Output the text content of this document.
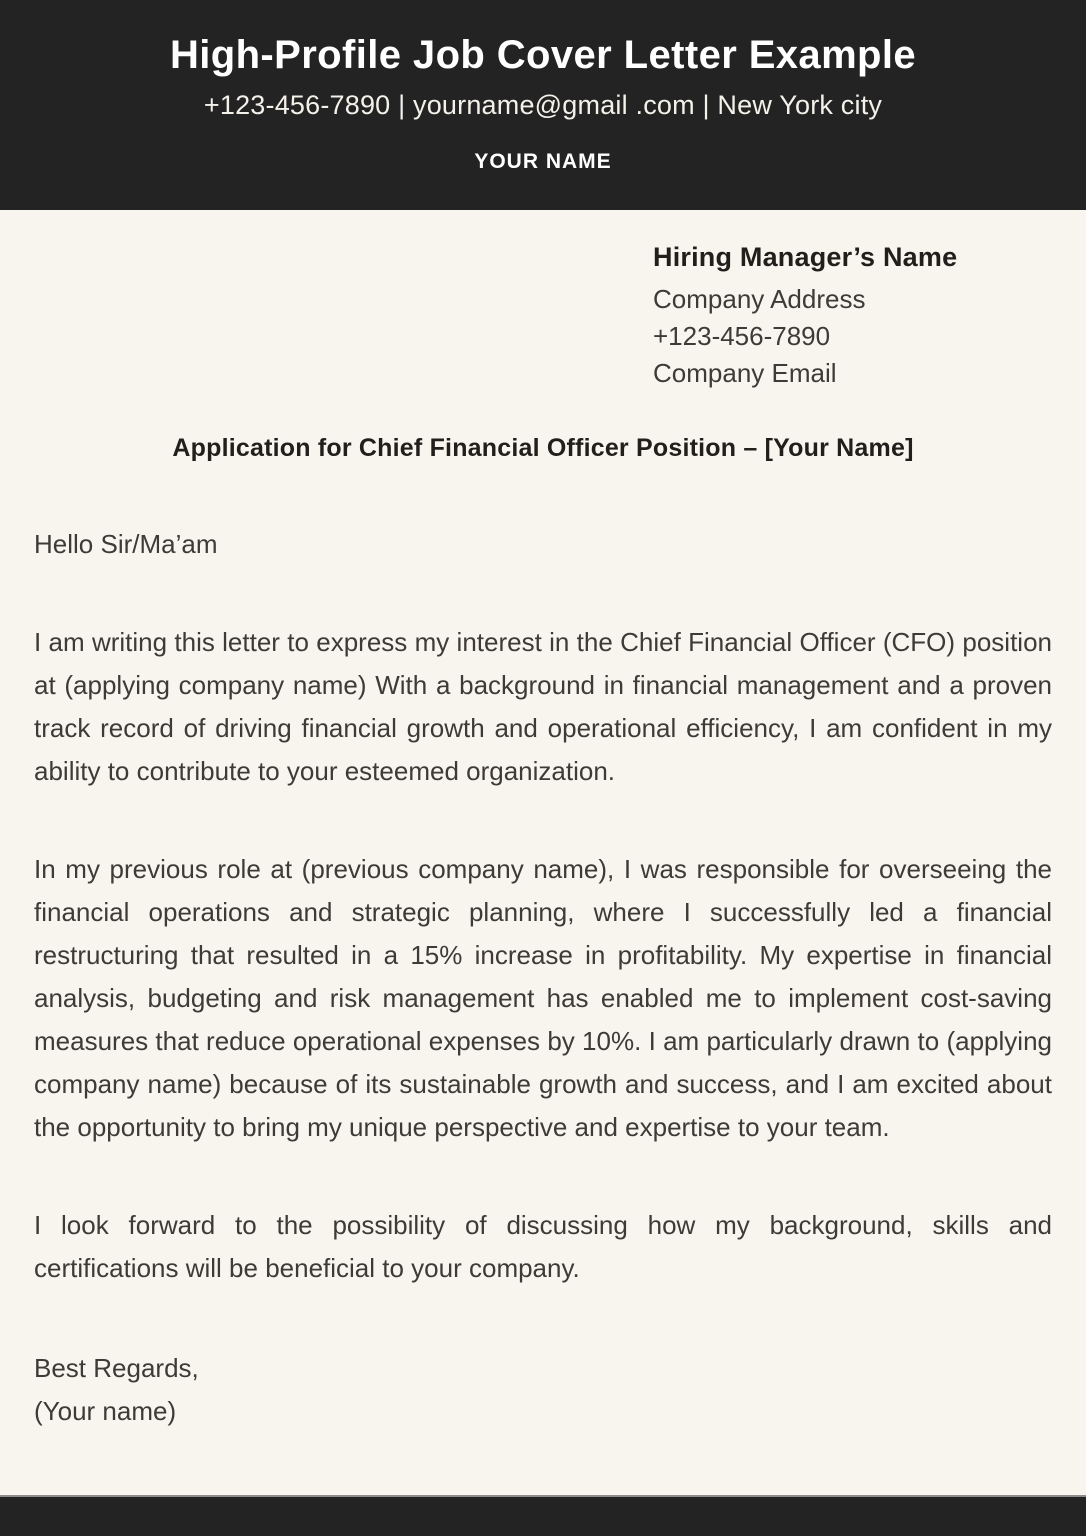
High-Profile Job Cover Letter Example
+123-456-7890 | yourname@gmail .com | New York city
YOUR NAME
Hiring Manager’s Name
Company Address
+123-456-7890
Company Email
Application for Chief Financial Officer Position – [Your Name]

Hello Sir/Ma’am

I am writing this letter to express my interest in the Chief Financial Officer (CFO) position at (applying company name) With a background in financial management and a proven track record of driving financial growth and operational efficiency, I am confident in my ability to contribute to your esteemed organization.

In my previous role at (previous company name), I was responsible for overseeing the financial operations and strategic planning, where I successfully led a financial restructuring that resulted in a 15% increase in profitability. My expertise in financial analysis, budgeting and risk management has enabled me to implement cost-saving measures that reduce operational expenses by 10%. I am particularly drawn to (applying company name) because of its sustainable growth and success, and I am excited about the opportunity to bring my unique perspective and expertise to your team.

I look forward to the possibility of discussing how my background, skills and certifications will be beneficial to your company.

Best Regards,
(Your name)
